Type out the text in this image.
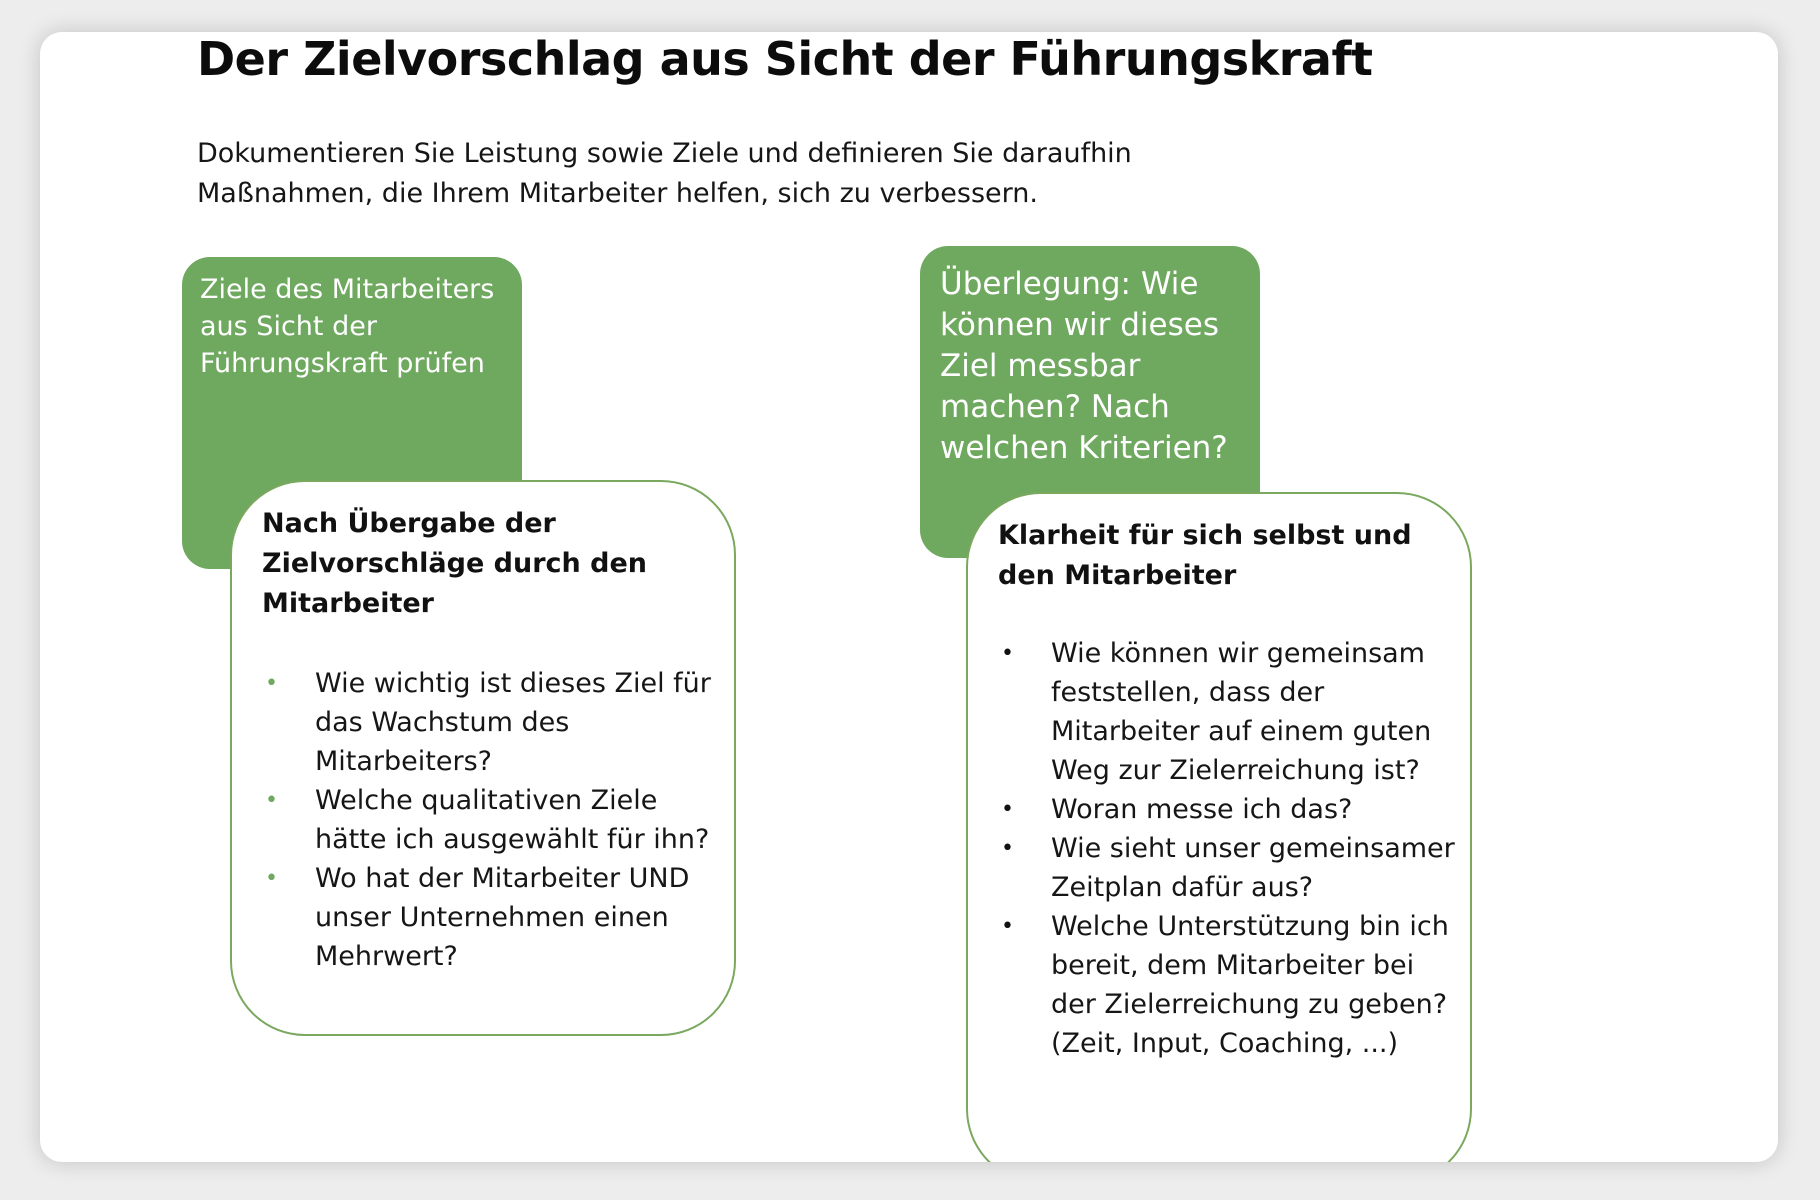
Der Zielvorschlag aus Sicht der Führungskraft

Dokumentieren Sie Leistung sowie Ziele und definieren Sie daraufhin Maßnahmen, die Ihrem Mitarbeiter helfen, sich zu verbessern.

Ziele des Mitarbeiters aus Sicht der Führungskraft prüfen

Nach Übergabe der Zielvorschläge durch den Mitarbeiter

• Wie wichtig ist dieses Ziel für das Wachstum des Mitarbeiters?
• Welche qualitativen Ziele hätte ich ausgewählt für ihn?
• Wo hat der Mitarbeiter UND unser Unternehmen einen Mehrwert?
Überlegung: Wie können wir dieses Ziel messbar machen? Nach welchen Kriterien?

Klarheit für sich selbst und den Mitarbeiter

• Wie können wir gemeinsam feststellen, dass der Mitarbeiter auf einem guten Weg zur Zielerreichung ist?
• Woran messe ich das?
• Wie sieht unser gemeinsamer Zeitplan dafür aus?
• Welche Unterstützung bin ich bereit, dem Mitarbeiter bei der Zielerreichung zu geben? (Zeit, Input, Coaching, ...)
